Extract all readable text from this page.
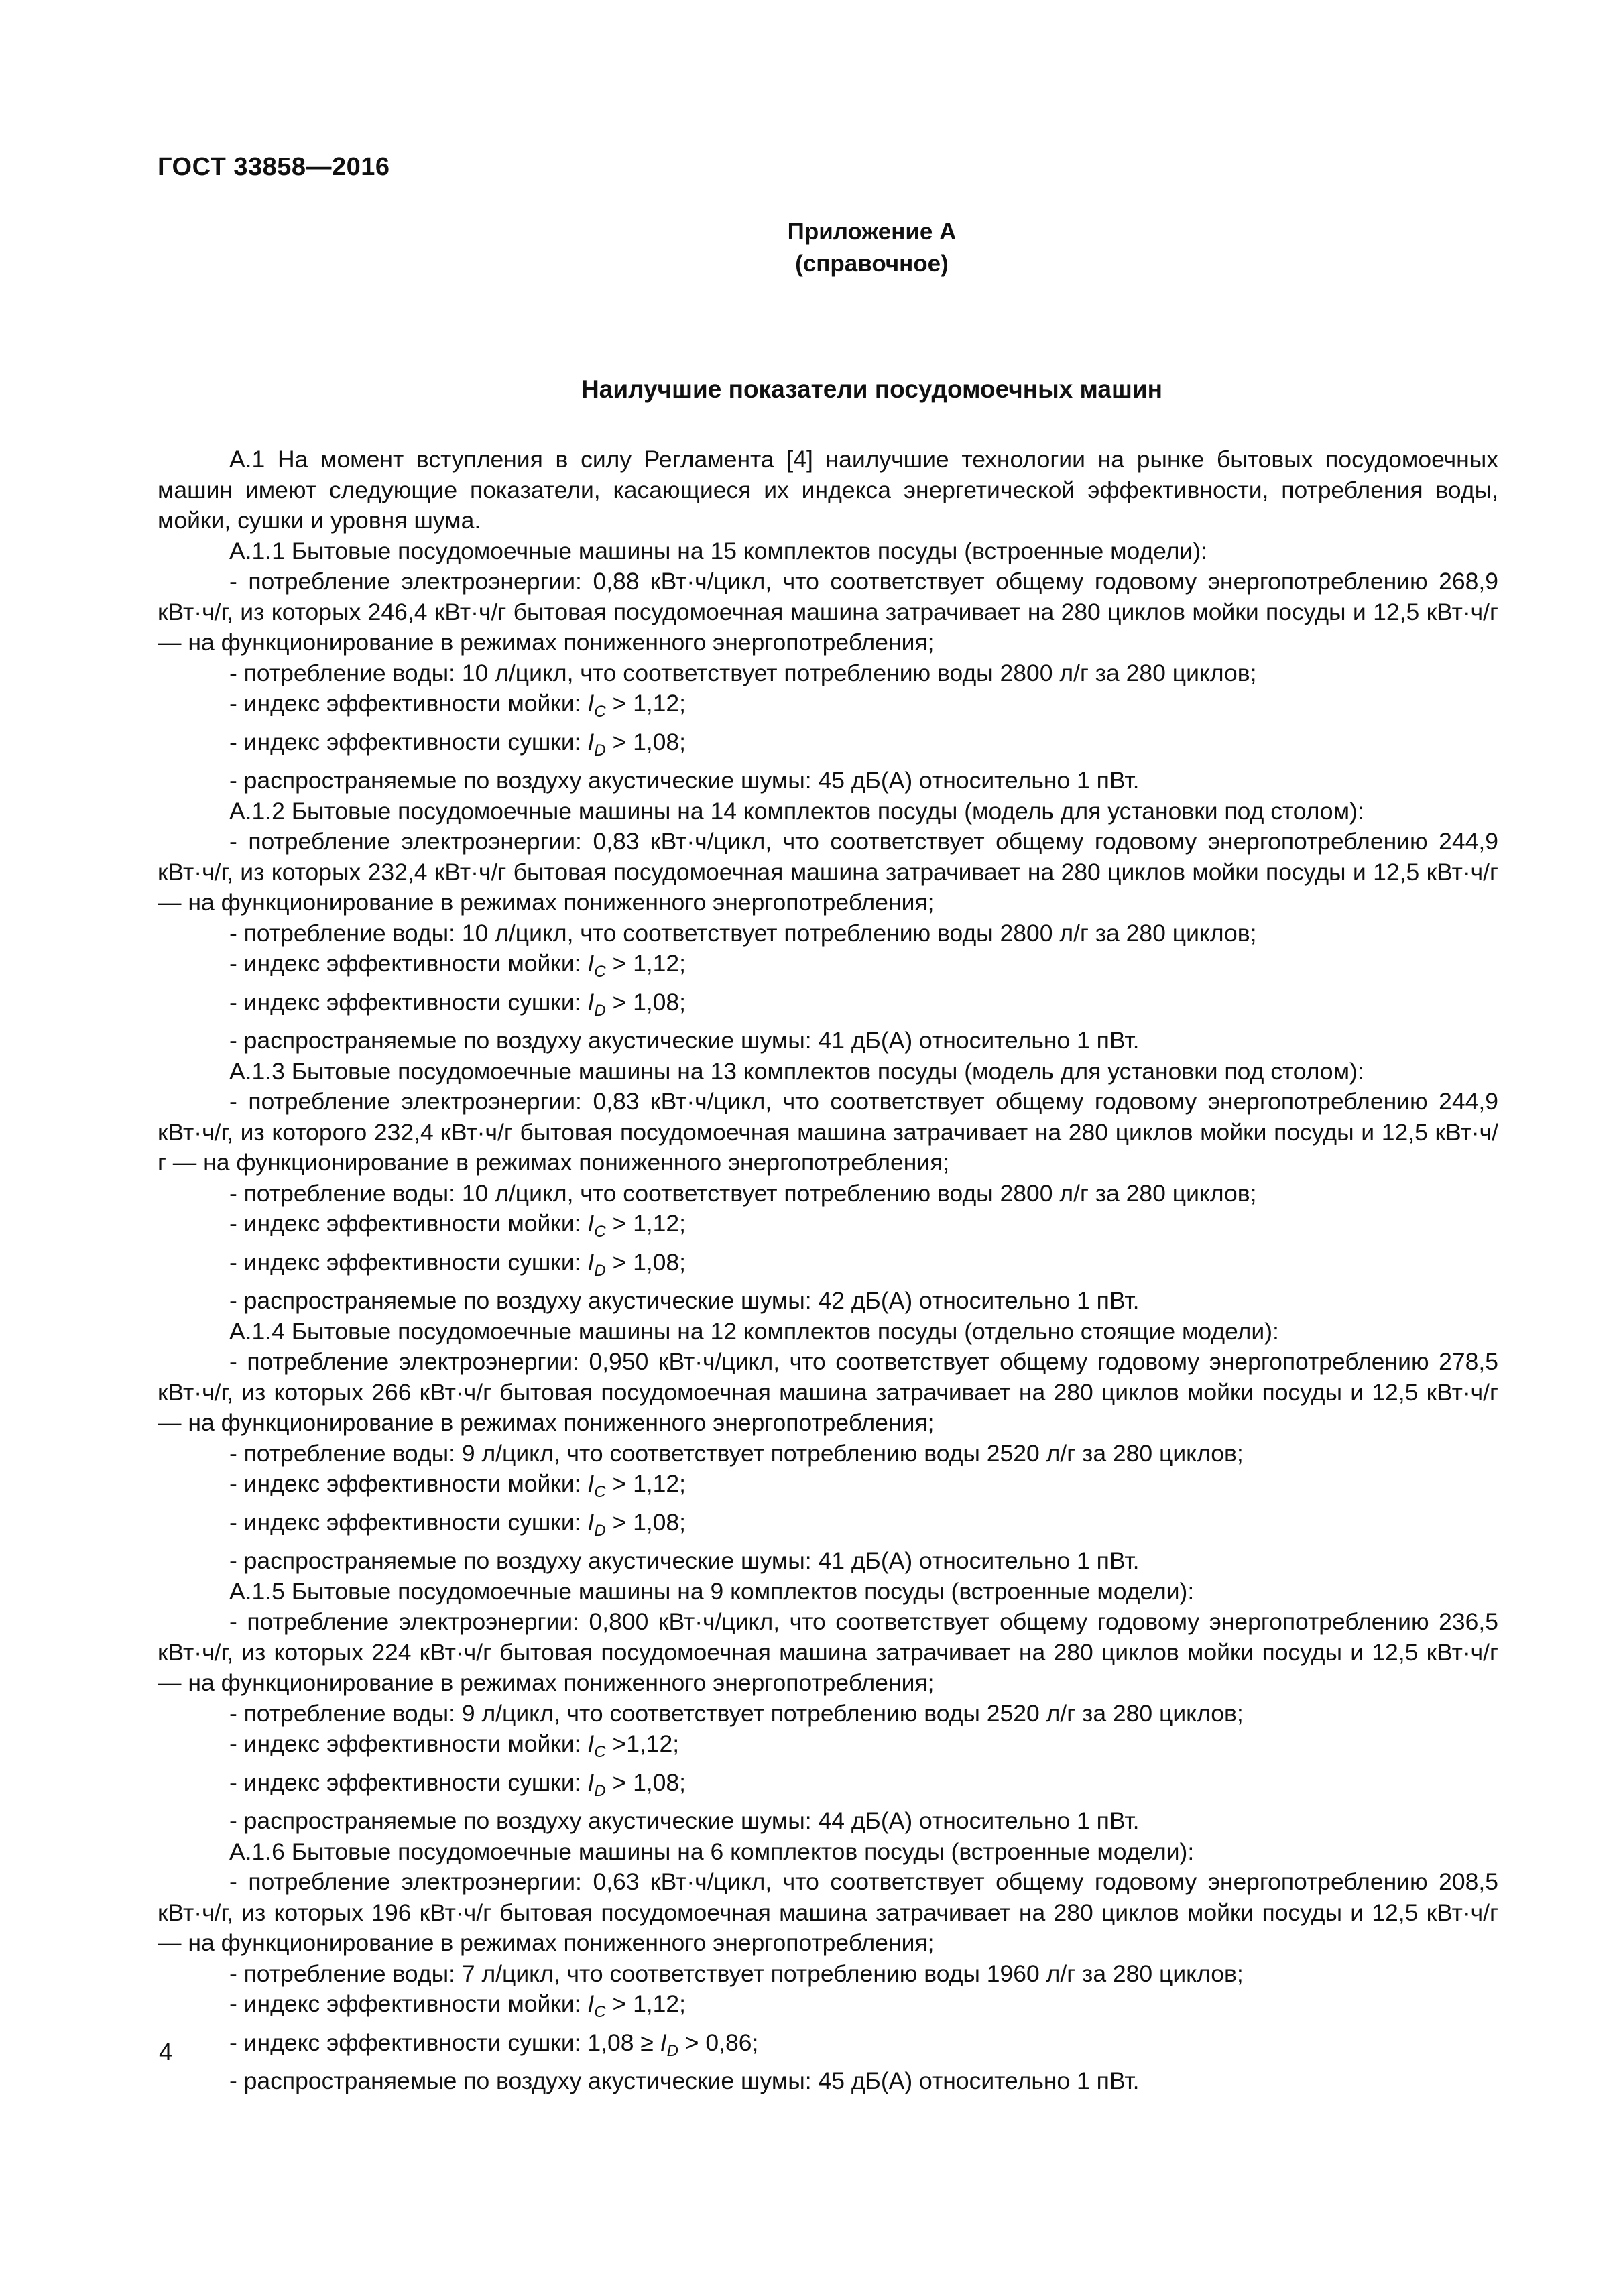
ГОСТ 33858—2016
Приложение А
(справочное)
Наилучшие показатели посудомоечных машин

А.1 На момент вступления в силу Регламента [4] наилучшие технологии на рынке бытовых посудомоечных машин имеют следующие показатели, касающиеся их индекса энергетической эффективности, потребления воды, мойки, сушки и уровня шума.

А.1.1 Бытовые посудомоечные машины на 15 комплектов посуды (встроенные модели):

- потребление электроэнергии: 0,88 кВт·ч/цикл, что соответствует общему годовому энергопотреблению 268,9 кВт·ч/г, из которых 246,4 кВт·ч/г бытовая посудомоечная машина затрачивает на 280 циклов мойки посуды и 12,5 кВт·ч/г — на функционирование в режимах пониженного энергопотребления;

- потребление воды: 10 л/цикл, что соответствует потреблению воды 2800 л/г за 280 циклов;

- индекс эффективности мойки: $I_C > 1,12$;

- индекс эффективности сушки: $I_D > 1,08$;

- распространяемые по воздуху акустические шумы: 45 дБ(А) относительно 1 пВт.

А.1.2 Бытовые посудомоечные машины на 14 комплектов посуды (модель для установки под столом):

- потребление электроэнергии: 0,83 кВт·ч/цикл, что соответствует общему годовому энергопотреблению 244,9 кВт·ч/г, из которых 232,4 кВт·ч/г бытовая посудомоечная машина затрачивает на 280 циклов мойки посуды и 12,5 кВт·ч/г — на функционирование в режимах пониженного энергопотребления;

- потребление воды: 10 л/цикл, что соответствует потреблению воды 2800 л/г за 280 циклов;

- индекс эффективности мойки: $I_C > 1,12$;

- индекс эффективности сушки: $I_D > 1,08$;

- распространяемые по воздуху акустические шумы: 41 дБ(А) относительно 1 пВт.

А.1.3 Бытовые посудомоечные машины на 13 комплектов посуды (модель для установки под столом):

- потребление электроэнергии: 0,83 кВт·ч/цикл, что соответствует общему годовому энергопотреблению 244,9 кВт·ч/г, из которого 232,4 кВт·ч/г бытовая посудомоечная машина затрачивает на 280 циклов мойки посуды и 12,5 кВт·ч/г — на функционирование в режимах пониженного энергопотребления;

- потребление воды: 10 л/цикл, что соответствует потреблению воды 2800 л/г за 280 циклов;

- индекс эффективности мойки: $I_C > 1,12$;

- индекс эффективности сушки: $I_D > 1,08$;

- распространяемые по воздуху акустические шумы: 42 дБ(А) относительно 1 пВт.

А.1.4 Бытовые посудомоечные машины на 12 комплектов посуды (отдельно стоящие модели):

- потребление электроэнергии: 0,950 кВт·ч/цикл, что соответствует общему годовому энергопотреблению 278,5 кВт·ч/г, из которых 266 кВт·ч/г бытовая посудомоечная машина затрачивает на 280 циклов мойки посуды и 12,5 кВт·ч/г — на функционирование в режимах пониженного энергопотребления;

- потребление воды: 9 л/цикл, что соответствует потреблению воды 2520 л/г за 280 циклов;

- индекс эффективности мойки: $I_C > 1,12$;

- индекс эффективности сушки: $I_D > 1,08$;

- распространяемые по воздуху акустические шумы: 41 дБ(А) относительно 1 пВт.

А.1.5 Бытовые посудомоечные машины на 9 комплектов посуды (встроенные модели):

- потребление электроэнергии: 0,800 кВт·ч/цикл, что соответствует общему годовому энергопотреблению 236,5 кВт·ч/г, из которых 224 кВт·ч/г бытовая посудомоечная машина затрачивает на 280 циклов мойки посуды и 12,5 кВт·ч/г — на функционирование в режимах пониженного энергопотребления;

- потребление воды: 9 л/цикл, что соответствует потреблению воды 2520 л/г за 280 циклов;

- индекс эффективности мойки: $I_C >1,12$;

- индекс эффективности сушки: $I_D > 1,08$;

- распространяемые по воздуху акустические шумы: 44 дБ(А) относительно 1 пВт.

А.1.6 Бытовые посудомоечные машины на 6 комплектов посуды (встроенные модели):

- потребление электроэнергии: 0,63 кВт·ч/цикл, что соответствует общему годовому энергопотреблению 208,5 кВт·ч/г, из которых 196 кВт·ч/г бытовая посудомоечная машина затрачивает на 280 циклов мойки посуды и 12,5 кВт·ч/г — на функционирование в режимах пониженного энергопотребления;

- потребление воды: 7 л/цикл, что соответствует потреблению воды 1960 л/г за 280 циклов;

- индекс эффективности мойки: $I_C > 1,12$;

- индекс эффективности сушки: $1,08 \ge I_D > 0,86$;

- распространяемые по воздуху акустические шумы: 45 дБ(А) относительно 1 пВт.

4
